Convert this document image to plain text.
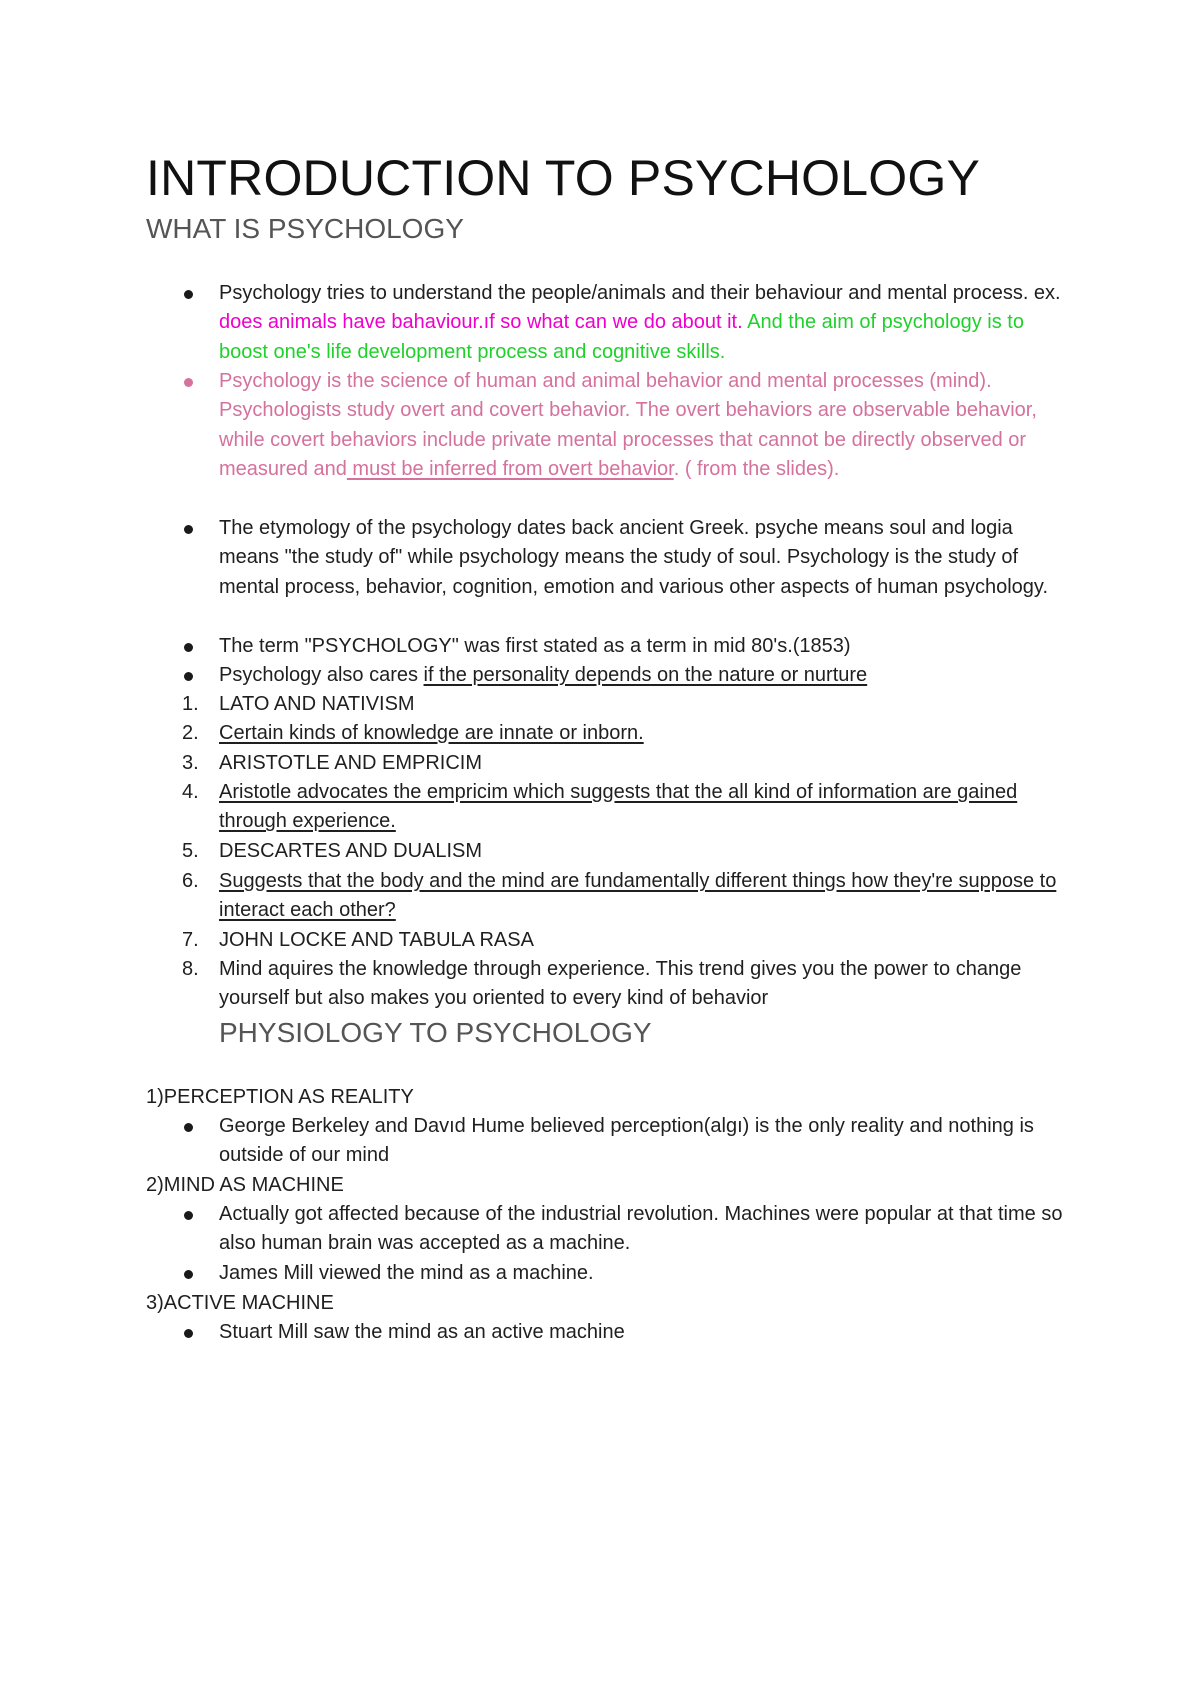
INTRODUCTION TO PSYCHOLOGY
WHAT IS PSYCHOLOGY

Psychology tries to understand the people/animals and their behaviour and mental process. ex. does animals have bahaviour.ıf so what can we do about it. And the aim of psychology is to boost one's life development process and cognitive skills.

Psychology is the science of human and animal behavior and mental processes (mind). Psychologists study overt and covert behavior. The overt behaviors are observable behavior, while covert behaviors include private mental processes that cannot be directly observed or measured and must be inferred from overt behavior. ( from the slides).

The etymology of the psychology dates back ancient Greek. psyche means soul and logia means "the study of" while psychology means the study of soul. Psychology is the study of mental process, behavior, cognition, emotion and various other aspects of human psychology.

The term "PSYCHOLOGY" was first stated as a term in mid 80's.(1853)

Psychology also cares if the personality depends on the nature or nurture

1.	LATO AND NATIVISM

2.	Certain kinds of knowledge are innate or inborn.

3.	ARISTOTLE AND EMPRICIM

4.	Aristotle advocates the empricim which suggests that the all kind of information are gained through experience.

5.	DESCARTES AND DUALISM

6.	Suggests that the body and the mind are fundamentally different things how they're suppose to interact each other?

7.	JOHN LOCKE AND TABULA RASA

8.	Mind aquires the knowledge through experience. This trend gives you the power to change yourself but also makes you oriented to every kind of behavior

PHYSIOLOGY TO PSYCHOLOGY

1)PERCEPTION AS REALITY

George Berkeley and Davıd Hume believed perception(algı) is the only reality and nothing is outside of our mind

2)MIND AS MACHINE

Actually got affected because of the industrial revolution. Machines were popular at that time so also human brain was accepted as a machine.

James Mill viewed the mind as a machine.

3)ACTIVE MACHINE

Stuart Mill saw the mind as an active machine
